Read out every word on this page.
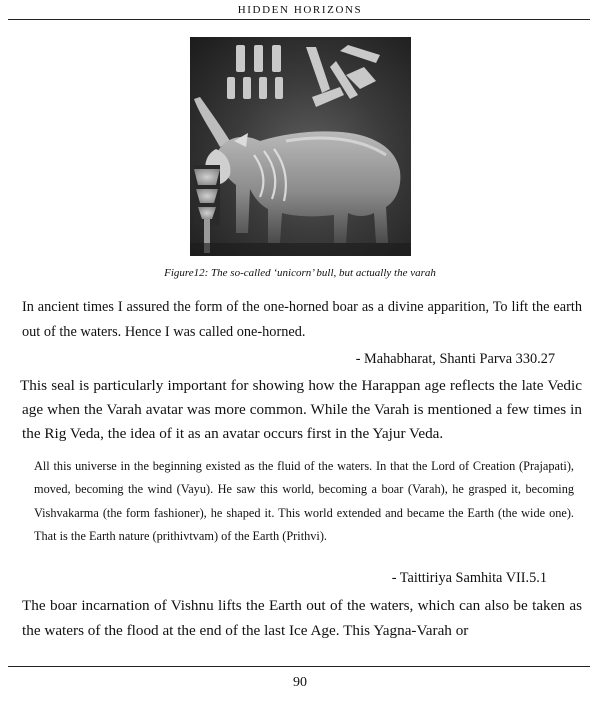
HIDDEN HORIZONS
Figure12: The so-called ‘unicorn’ bull, but actually the varah

In ancient times I assured the form of the one-horned boar as a divine apparition, To lift the earth out of the waters. Hence I was called one-horned.

- Mahabharat, Shanti Parva 330.27

This seal is particularly important for showing how the Harappan age reflects the late Vedic age when the Varah avatar was more common. While the Varah is mentioned a few times in the Rig Veda, the idea of it as an avatar occurs first in the Yajur Veda.

All this universe in the beginning existed as the fluid of the waters. In that the Lord of Creation (Prajapati), moved, becoming the wind (Vayu). He saw this world, becoming a boar (Varah), he grasped it, becoming Vishvakarma (the form fashioner), he shaped it. This world extended and became the Earth (the wide one). That is the Earth nature (prithivtvam) of the Earth (Prithvi).

- Taittiriya Samhita VII.5.1

The boar incarnation of Vishnu lifts the Earth out of the waters, which can also be taken as the waters of the flood at the end of the last Ice Age. This Yagna-Varah or

90
